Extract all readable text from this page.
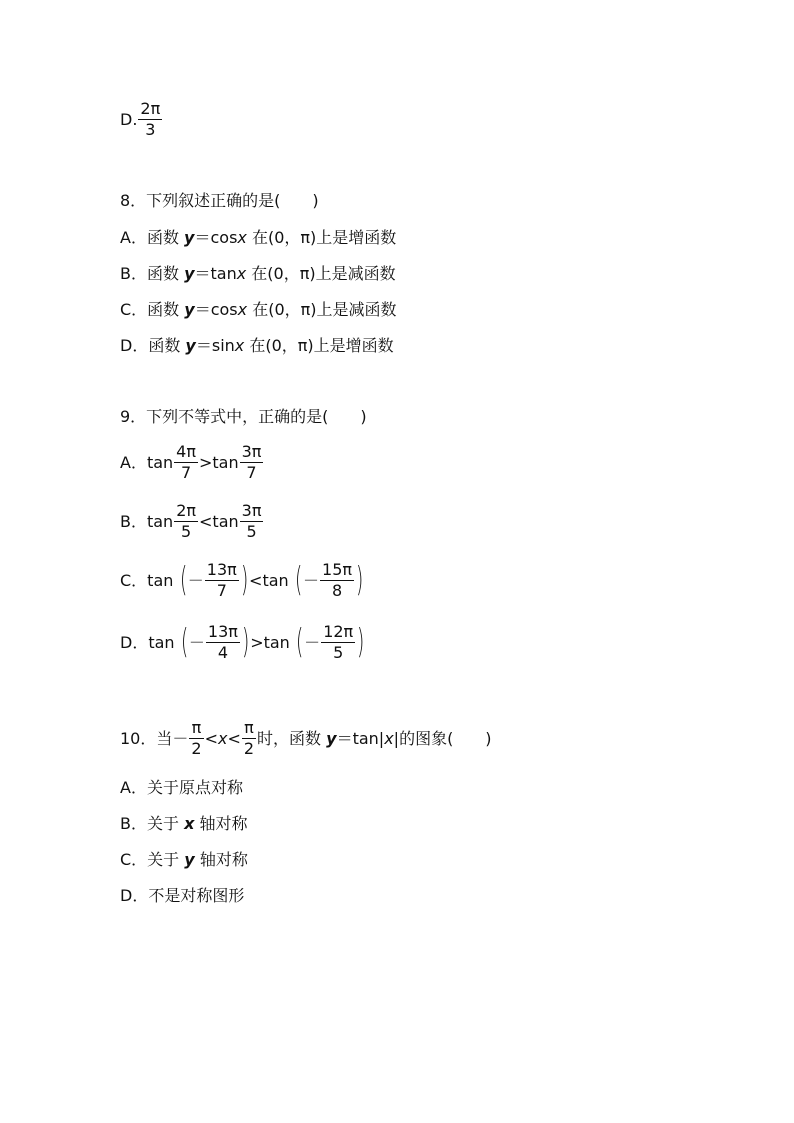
D. $\frac{2\pi}{3}$
8．下列叙述正确的是(　　)
A．函数 y＝cosx 在(0，π)上是增函数
B．函数 y＝tanx 在(0，π)上是减函数
C．函数 y＝cosx 在(0，π)上是减函数
D．函数 y＝sinx 在(0，π)上是增函数
9．下列不等式中，正确的是(　　)
A．$\tan \frac{4\pi}{7} >\tan \frac{3\pi}{7}$
B．$\tan \frac{2\pi}{5} <\tan \frac{3\pi}{5}$
C．tan (－ $\frac{13\pi}{7} )<\tan$ (－ $\frac{15\pi}{8}$ )
D．tan (－ $\frac{13\pi}{4} )>\tan$ (－ $\frac{12\pi}{5}$ )
10．当－ $\frac{\pi}{2} <x< \frac{\pi}{2}$ 时，函数 y＝tan|x|的图象(　　)
A．关于原点对称
B．关于 x 轴对称
C．关于 y 轴对称
D．不是对称图形
